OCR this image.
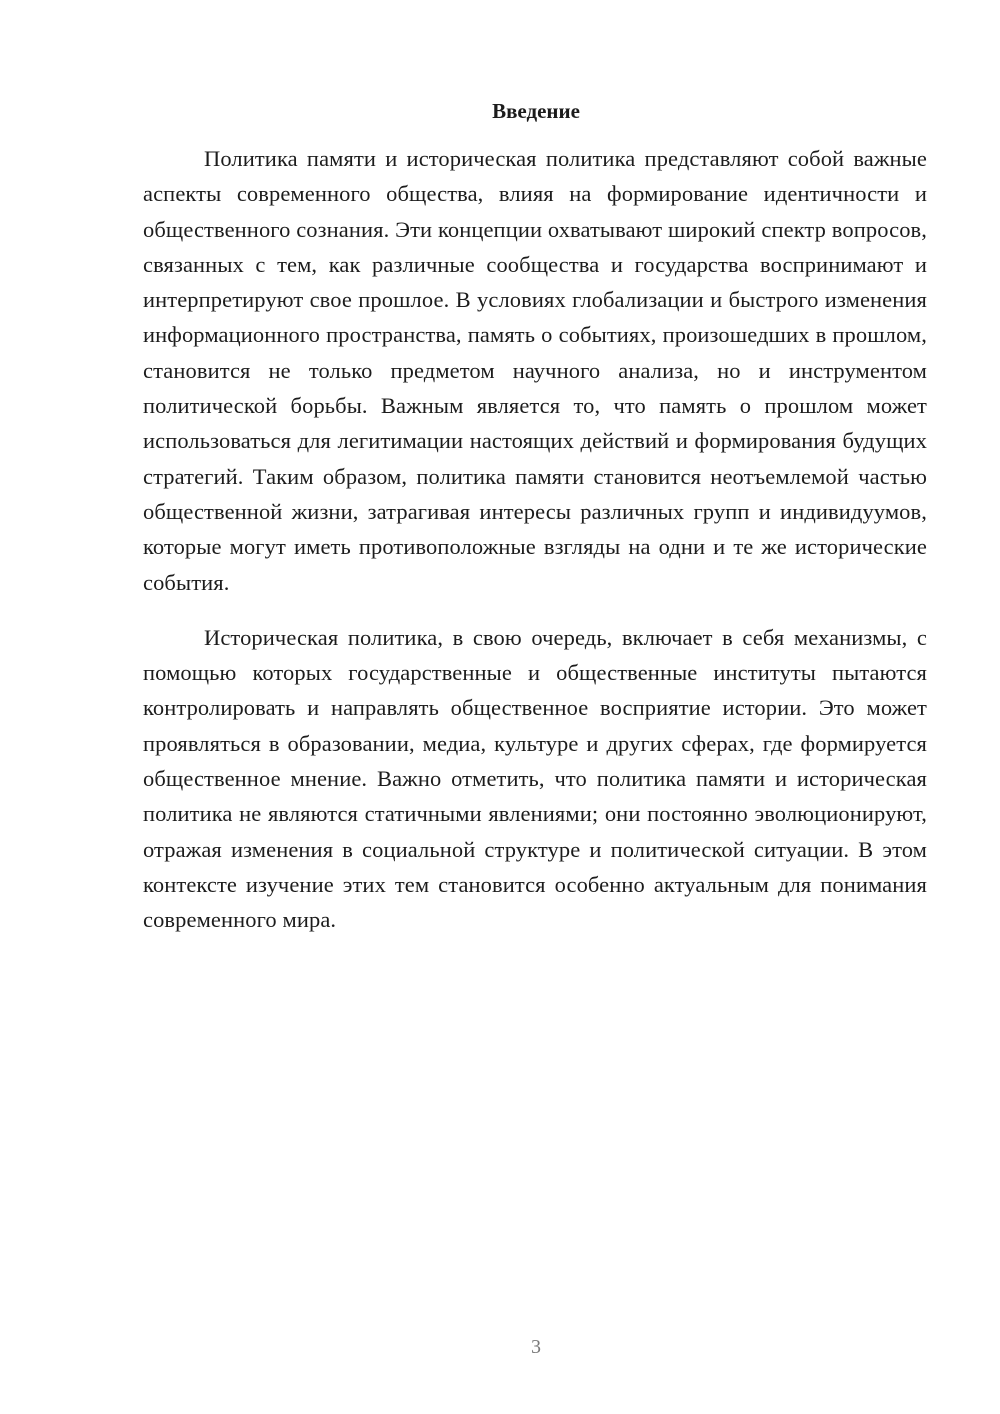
Введение

Политика памяти и историческая политика представляют собой важные аспекты современного общества, влияя на формирование идентичности и общественного сознания. Эти концепции охватывают широкий спектр вопросов, связанных с тем, как различные сообщества и государства воспринимают и интерпретируют свое прошлое. В условиях глобализации и быстрого изменения информационного пространства, память о событиях, произошедших в прошлом, становится не только предметом научного анализа, но и инструментом политической борьбы. Важным является то, что память о прошлом может использоваться для легитимации настоящих действий и формирования будущих стратегий. Таким образом, политика памяти становится неотъемлемой частью общественной жизни, затрагивая интересы различных групп и индивидуумов, которые могут иметь противоположные взгляды на одни и те же исторические события.

Историческая политика, в свою очередь, включает в себя механизмы, с помощью которых государственные и общественные институты пытаются контролировать и направлять общественное восприятие истории. Это может проявляться в образовании, медиа, культуре и других сферах, где формируется общественное мнение. Важно отметить, что политика памяти и историческая политика не являются статичными явлениями; они постоянно эволюционируют, отражая изменения в социальной структуре и политической ситуации. В этом контексте изучение этих тем становится особенно актуальным для понимания современного мира.

3
